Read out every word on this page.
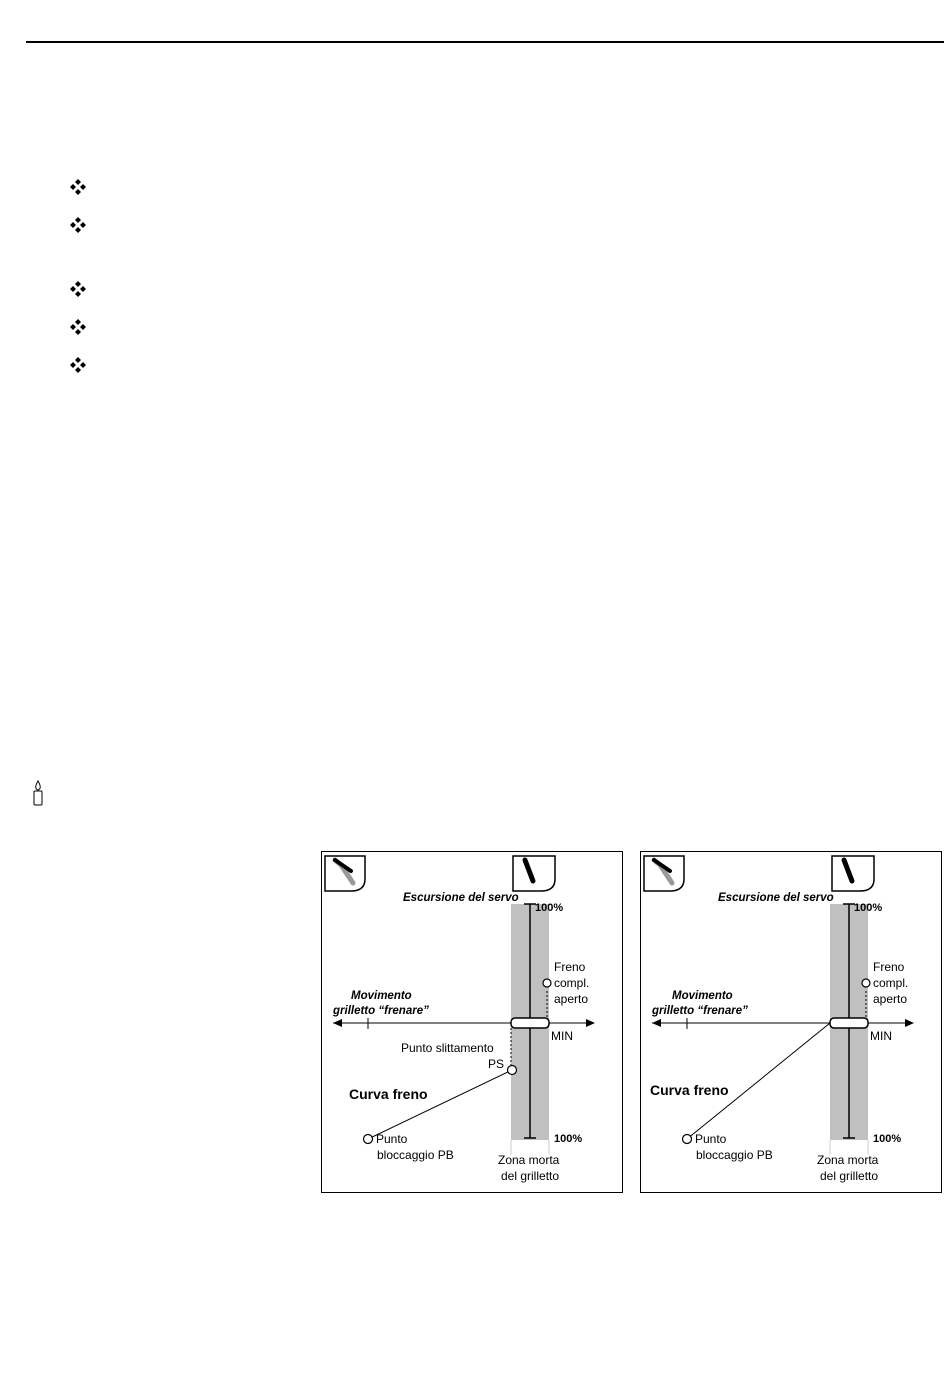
Escursione del servo
100%
Freno
compl.
aperto
MIN
Movimento
grilletto “frenare”
Punto slittamento
PS
Curva freno
100%
Punto
bloccaggio PB	Zona morta
del grilletto
Escursione del servo
100%
Freno
compl.
aperto
MIN
Movimento
grilletto “frenare”
Curva freno
100%
Punto
bloccaggio PB	Zona morta
del grilletto
